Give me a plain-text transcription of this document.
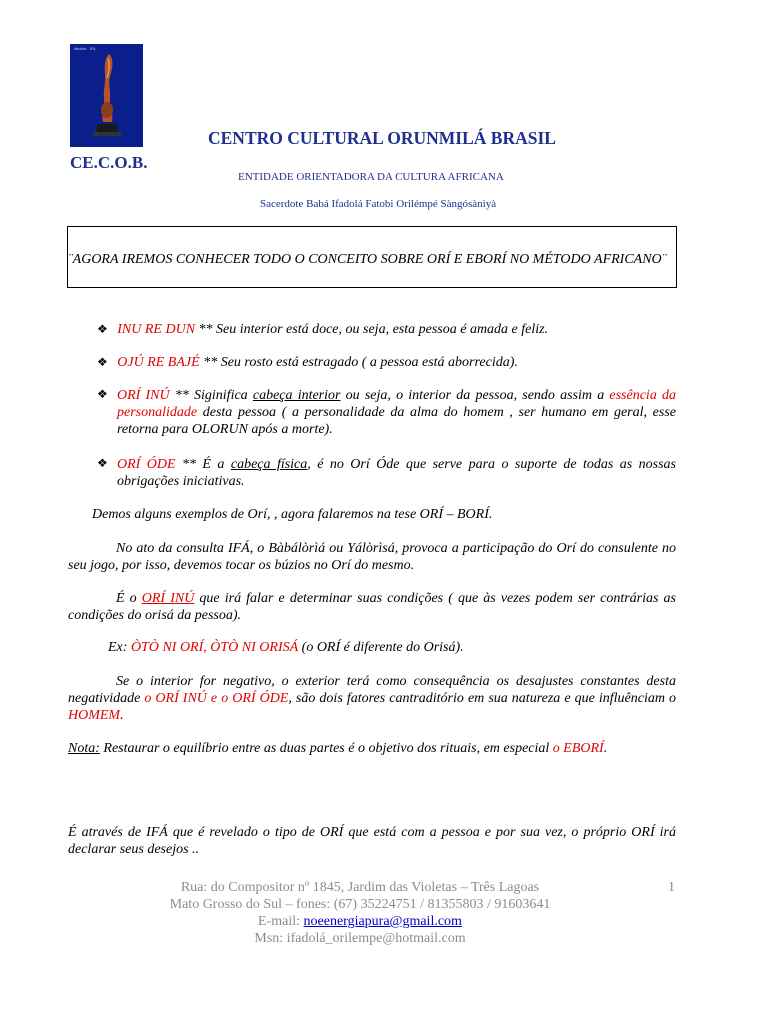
Ifadola - IFA
CENTRO CULTURAL ORUNMILÁ BRASIL
CE.C.O.B.
ENTIDADE ORIENTADORA DA CULTURA AFRICANA
Sacerdote Babá Ifadolá Fatobi Orilémpé Sàngósàniyà
¨AGORA IREMOS CONHECER TODO O CONCEITO SOBRE ORÍ E EBORÍ NO MÉTODO AFRICANO¨
❖ INU RE DUN ** Seu interior está doce, ou seja, esta pessoa é amada e feliz.
❖ OJÚ RE BAJÉ ** Seu rosto está estragado ( a pessoa está aborrecida).
❖ ORÍ INÚ ** Siginifica cabeça interior ou seja, o interior da pessoa, sendo assim a essência da personalidade desta pessoa ( a personalidade da alma do homem , ser humano em geral, esse retorna para OLORUN após a morte).
❖ ORÍ ÓDE ** É a cabeça física, é no Orí Óde que serve para o suporte de todas as nossas obrigações iniciativas.
Demos alguns exemplos de Orí, , agora falaremos na tese ORÍ – BORÍ.
No ato da consulta IFÁ, o Bàbálòrìá ou Yálòrìsá, provoca a participação do Orí do consulente no seu jogo, por isso, devemos tocar os búzios no Orí do mesmo.
É o ORÍ INÚ que irá falar e determinar suas condições ( que às vezes podem ser contrárias as condições do orisá da pessoa).
Ex: ÒTÒ NI ORÍ, ÒTÒ NI ORISÁ (o ORÍ é diferente do Orisá).
Se o interior for negativo, o exterior terá como consequência os desajustes constantes desta negatividade o ORÍ INÚ e o ORÍ ÓDE, são dois fatores cantraditório em sua natureza e que influênciam o HOMEM.
Nota: Restaurar o equilíbrio entre as duas partes é o objetivo dos rituais, em especial o EBORÍ.
É através de IFÁ que é revelado o tipo de ORÍ que está com a pessoa e por sua vez, o próprio ORÍ irá declarar seus desejos ..
Rua: do Compositor nº 1845, Jardim das Violetas – Três Lagoas
Mato Grosso do Sul – fones: (67) 35224751 / 81355803 / 91603641
E-mail: noeenergiapura@gmail.com
Msn: ifadolá_orilempe@hotmail.com
1
